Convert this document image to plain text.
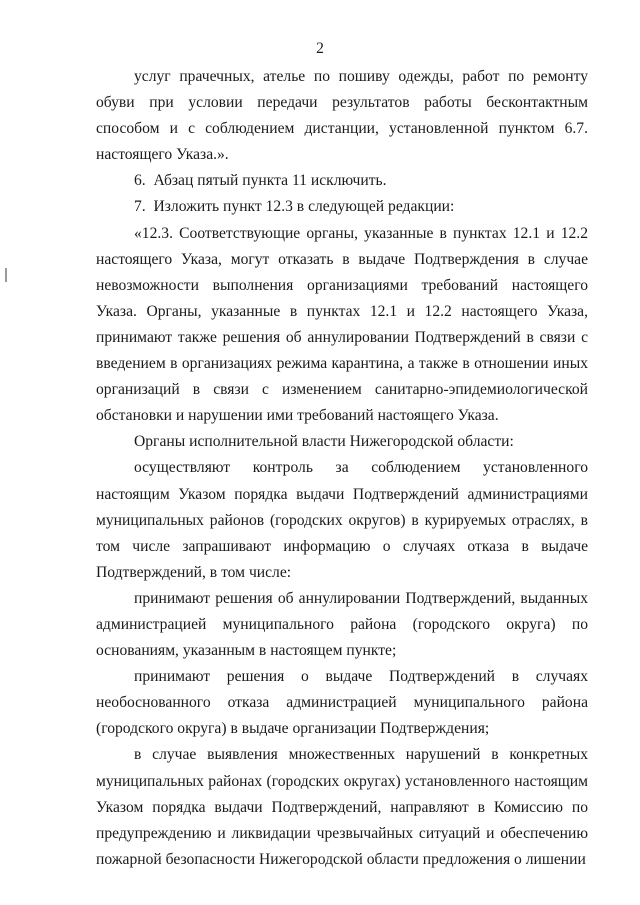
2

услуг прачечных, ателье по пошиву одежды, работ по ремонту обуви при условии передачи результатов работы бесконтактным способом и с соблюдением дистанции, установленной пунктом 6.7. настоящего Указа.».

6.  Абзац пятый пункта 11 исключить.

7.  Изложить пункт 12.3 в следующей редакции:

«12.3. Соответствующие органы, указанные в пунктах 12.1 и 12.2 настоящего Указа, могут отказать в выдаче Подтверждения в случае невозможности выполнения организациями требований настоящего Указа. Органы, указанные в пунктах 12.1 и 12.2 настоящего Указа, принимают также решения об аннулировании Подтверждений в связи с введением в организациях режима карантина, а также в отношении иных организаций в связи с изменением санитарно-эпидемиологической обстановки и нарушении ими требований настоящего Указа.

Органы исполнительной власти Нижегородской области:

осуществляют контроль за соблюдением установленного настоящим Указом порядка выдачи Подтверждений администрациями муниципальных районов (городских округов) в курируемых отраслях, в том числе запрашивают информацию о случаях отказа в выдаче Подтверждений, в том числе:

принимают решения об аннулировании Подтверждений, выданных администрацией муниципального района (городского округа) по основаниям, указанным в настоящем пункте;

принимают решения о выдаче Подтверждений в случаях необоснованного отказа администрацией муниципального района (городского округа) в выдаче организации Подтверждения;

в случае выявления множественных нарушений в конкретных муниципальных районах (городских округах) установленного настоящим Указом порядка выдачи Подтверждений, направляют в Комиссию по предупреждению и ликвидации чрезвычайных ситуаций и обеспечению пожарной безопасности Нижегородской области предложения о лишении
